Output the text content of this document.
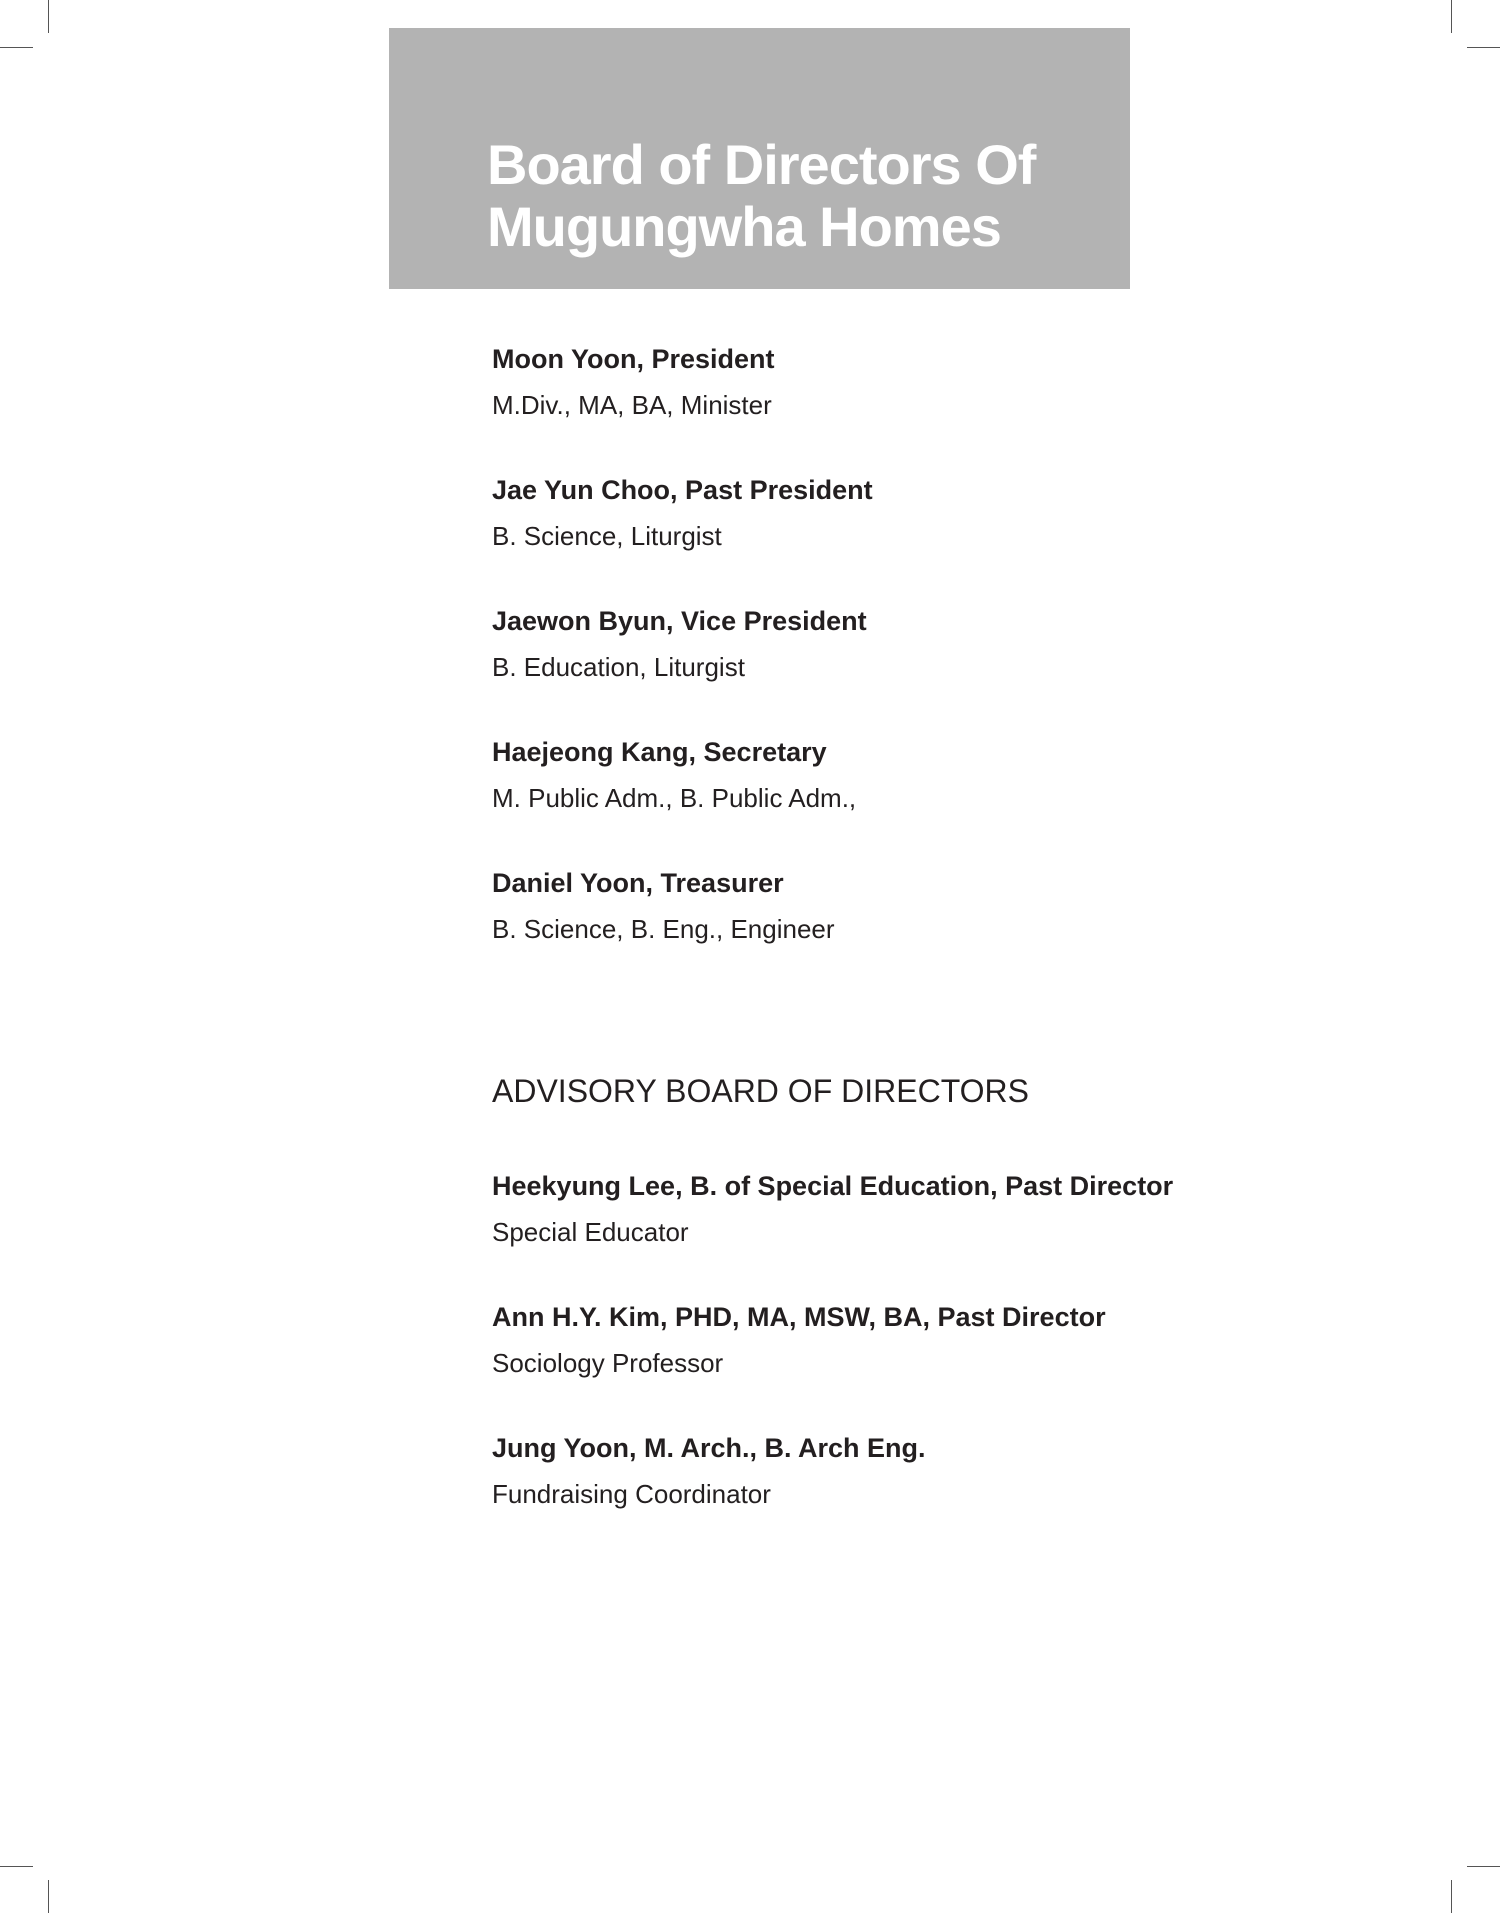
Board of Directors Of
Mugungwha Homes
Moon Yoon, President
M.Div., MA, BA, Minister
Jae Yun Choo, Past President
B. Science, Liturgist
Jaewon Byun, Vice President
B. Education, Liturgist
Haejeong Kang, Secretary
M. Public Adm., B. Public Adm.,
Daniel Yoon, Treasurer
B. Science, B. Eng., Engineer
ADVISORY BOARD OF DIRECTORS
Heekyung Lee, B. of Special Education, Past Director
Special Educator
Ann H.Y. Kim, PHD, MA, MSW, BA, Past Director
Sociology Professor
Jung Yoon, M. Arch., B. Arch Eng.
Fundraising Coordinator
